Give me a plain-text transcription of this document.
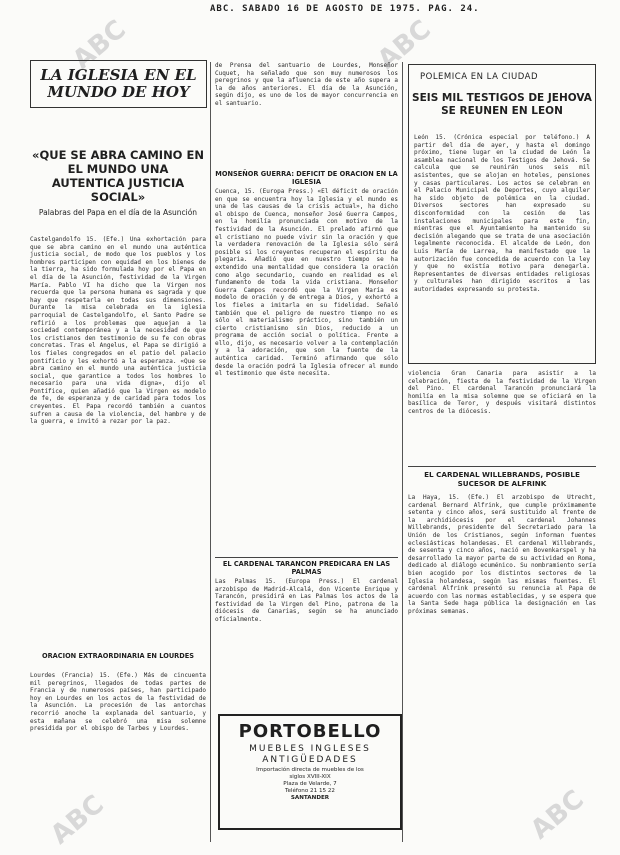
ABC	ABC
ABC	ABC
ABC. SABADO 16 DE AGOSTO DE 1975. PAG. 24.
LA IGLESIA EN EL
MUNDO DE HOY
«QUE SE ABRA CAMINO EN EL MUNDO UNA AUTENTICA JUSTICIA SOCIAL»
Palabras del Papa en el día de la Asunción
Castelgandolfo 15. (Efe.) Una exhortación para que se abra camino en el mundo una auténtica justicia social, de modo que los pueblos y los hombres participen con equidad en los bienes de la tierra, ha sido formulada hoy por el Papa en el día de la Asunción, festividad de la Virgen María. Pablo VI ha dicho que la Virgen nos recuerda que la persona humana es sagrada y que hay que respetarla en todas sus dimensiones. Durante la misa celebrada en la iglesia parroquial de Castelgandolfo, el Santo Padre se refirió a los problemas que aquejan a la sociedad contemporánea y a la necesidad de que los cristianos den testimonio de su fe con obras concretas. Tras el Angelus, el Papa se dirigió a los fieles congregados en el patio del palacio pontificio y les exhortó a la esperanza. «Que se abra camino en el mundo una auténtica justicia social, que garantice a todos los hombres lo necesario para una vida digna», dijo el Pontífice, quien añadió que la Virgen es modelo de fe, de esperanza y de caridad para todos los creyentes. El Papa recordó también a cuantos sufren a causa de la violencia, del hambre y de la guerra, e invitó a rezar por la paz.
ORACION EXTRAORDINARIA EN LOURDES
Lourdes (Francia) 15. (Efe.) Más de cincuenta mil peregrinos, llegados de todas partes de Francia y de numerosos países, han participado hoy en Lourdes en los actos de la festividad de la Asunción. La procesión de las antorchas recorrió anoche la explanada del santuario, y esta mañana se celebró una misa solemne presidida por el obispo de Tarbes y Lourdes.
de Prensa del santuario de Lourdes, Monseñor Cuquet, ha señalado que son muy numerosos los peregrinos y que la afluencia de este año supera a la de años anteriores. El día de la Asunción, según dijo, es uno de los de mayor concurrencia en el santuario.
MONSEÑOR GUERRA: DEFICIT DE ORACION EN LA IGLESIA
Cuenca, 15. (Europa Press.) «El déficit de oración en que se encuentra hoy la Iglesia y el mundo es una de las causas de la crisis actual», ha dicho el obispo de Cuenca, monseñor José Guerra Campos, en la homilía pronunciada con motivo de la festividad de la Asunción. El prelado afirmó que el cristiano no puede vivir sin la oración y que la verdadera renovación de la Iglesia sólo será posible si los creyentes recuperan el espíritu de plegaria. Añadió que en nuestro tiempo se ha extendido una mentalidad que considera la oración como algo secundario, cuando en realidad es el fundamento de toda la vida cristiana. Monseñor Guerra Campos recordó que la Virgen María es modelo de oración y de entrega a Dios, y exhortó a los fieles a imitarla en su fidelidad. Señaló también que el peligro de nuestro tiempo no es sólo el materialismo práctico, sino también un cierto cristianismo sin Dios, reducido a un programa de acción social o política. Frente a ello, dijo, es necesario volver a la contemplación y a la adoración, que son la fuente de la auténtica caridad. Terminó afirmando que sólo desde la oración podrá la Iglesia ofrecer al mundo el testimonio que éste necesita.
EL CARDENAL TARANCON PREDICARA EN LAS PALMAS
Las Palmas 15. (Europa Press.) El cardenal arzobispo de Madrid-Alcalá, don Vicente Enrique y Tarancón, presidirá en Las Palmas los actos de la festividad de la Virgen del Pino, patrona de la diócesis de Canarias, según se ha anunciado oficialmente.
PORTOBELLO
MUEBLES INGLESES
ANTIGÜEDADES
Importación directa de muebles de los
siglos XVIII-XIX
Plaza de Velarde, 7
Teléfono 21 15 22
SANTANDER
POLEMICA EN LA CIUDAD
SEIS MIL TESTIGOS DE JEHOVA SE REUNEN EN LEON
León 15. (Crónica especial por teléfono.) A partir del día de ayer, y hasta el domingo próximo, tiene lugar en la ciudad de León la asamblea nacional de los Testigos de Jehová. Se calcula que se reunirán unos seis mil asistentes, que se alojan en hoteles, pensiones y casas particulares. Los actos se celebran en el Palacio Municipal de Deportes, cuyo alquiler ha sido objeto de polémica en la ciudad. Diversos sectores han expresado su disconformidad con la cesión de las instalaciones municipales para este fin, mientras que el Ayuntamiento ha mantenido su decisión alegando que se trata de una asociación legalmente reconocida. El alcalde de León, don Luis María de Larrea, ha manifestado que la autorización fue concedida de acuerdo con la ley y que no existía motivo para denegarla. Representantes de diversas entidades religiosas y culturales han dirigido escritos a las autoridades expresando su protesta.
violencia Gran Canaria para asistir a la celebración, fiesta de la festividad de la Virgen del Pino. El cardenal Tarancón pronunciará la homilía en la misa solemne que se oficiará en la basílica de Teror, y después visitará distintos centros de la diócesis.
EL CARDENAL WILLEBRANDS, POSIBLE SUCESOR DE ALFRINK
La Haya, 15. (Efe.) El arzobispo de Utrecht, cardenal Bernard Alfrink, que cumple próximamente setenta y cinco años, será sustituido al frente de la archidiócesis por el cardenal Johannes Willebrands, presidente del Secretariado para la Unión de los Cristianos, según informan fuentes eclesiásticas holandesas. El cardenal Willebrands, de sesenta y cinco años, nació en Bovenkarspel y ha desarrollado la mayor parte de su actividad en Roma, dedicado al diálogo ecuménico. Su nombramiento sería bien acogido por los distintos sectores de la Iglesia holandesa, según las mismas fuentes. El cardenal Alfrink presentó su renuncia al Papa de acuerdo con las normas establecidas, y se espera que la Santa Sede haga pública la designación en las próximas semanas.
